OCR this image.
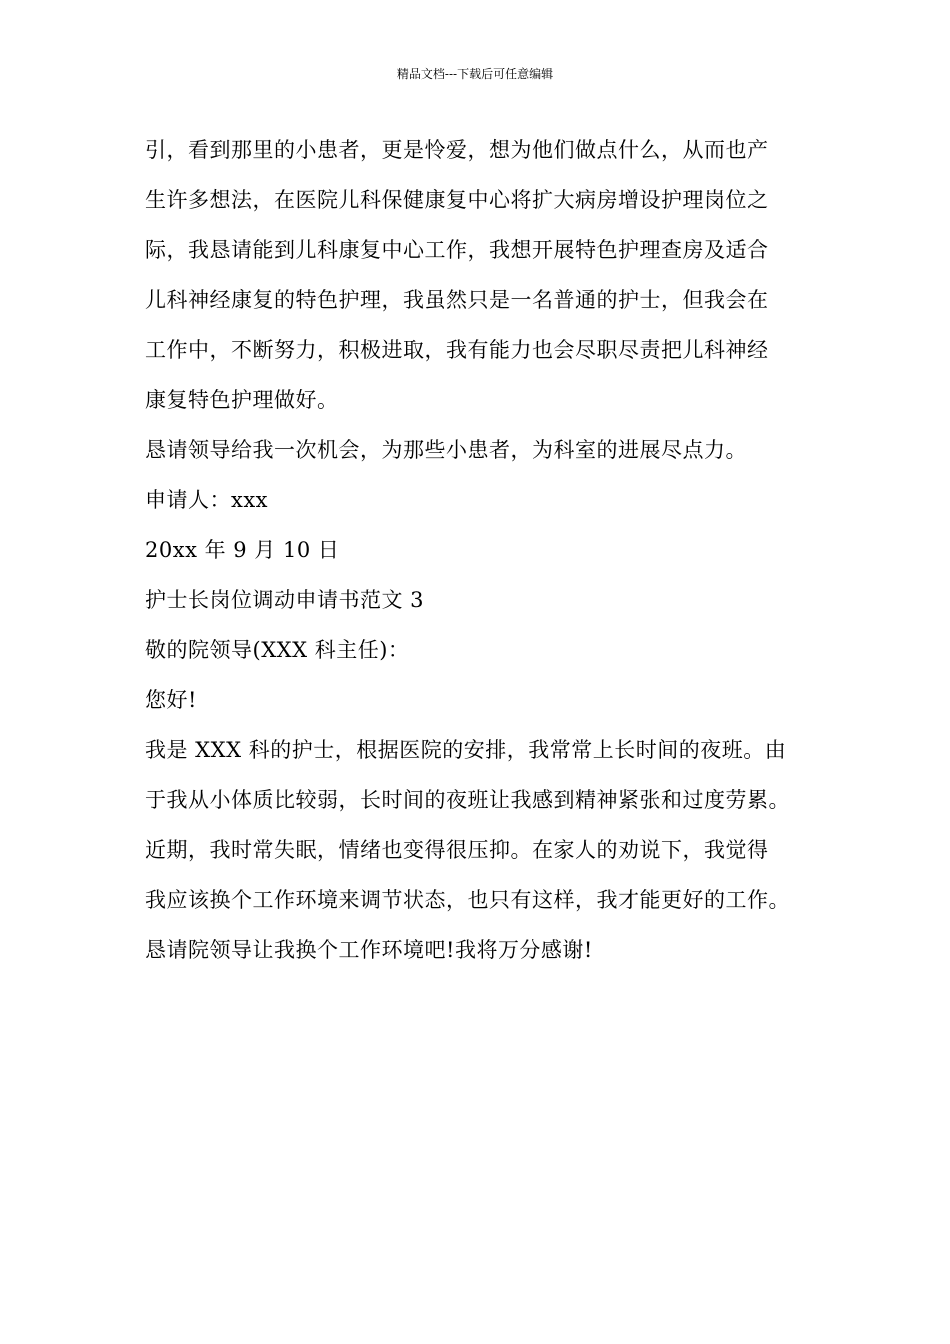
精品文档---下载后可任意编辑
引，看到那里的小患者，更是怜爱，想为他们做点什么，从而也产
生许多想法，在医院儿科保健康复中心将扩大病房增设护理岗位之
际，我恳请能到儿科康复中心工作，我想开展特色护理查房及适合
儿科神经康复的特色护理，我虽然只是一名普通的护士，但我会在
工作中，不断努力，积极进取，我有能力也会尽职尽责把儿科神经
康复特色护理做好。
恳请领导给我一次机会，为那些小患者，为科室的进展尽点力。
申请人：xxx
20xx 年 9 月 10 日
护士长岗位调动申请书范文 3
敬的院领导(XXX 科主任)：
您好!
我是 XXX 科的护士，根据医院的安排，我常常上长时间的夜班。由
于我从小体质比较弱，长时间的夜班让我感到精神紧张和过度劳累。
近期，我时常失眠，情绪也变得很压抑。在家人的劝说下，我觉得
我应该换个工作环境来调节状态，也只有这样，我才能更好的工作。
恳请院领导让我换个工作环境吧!我将万分感谢!
